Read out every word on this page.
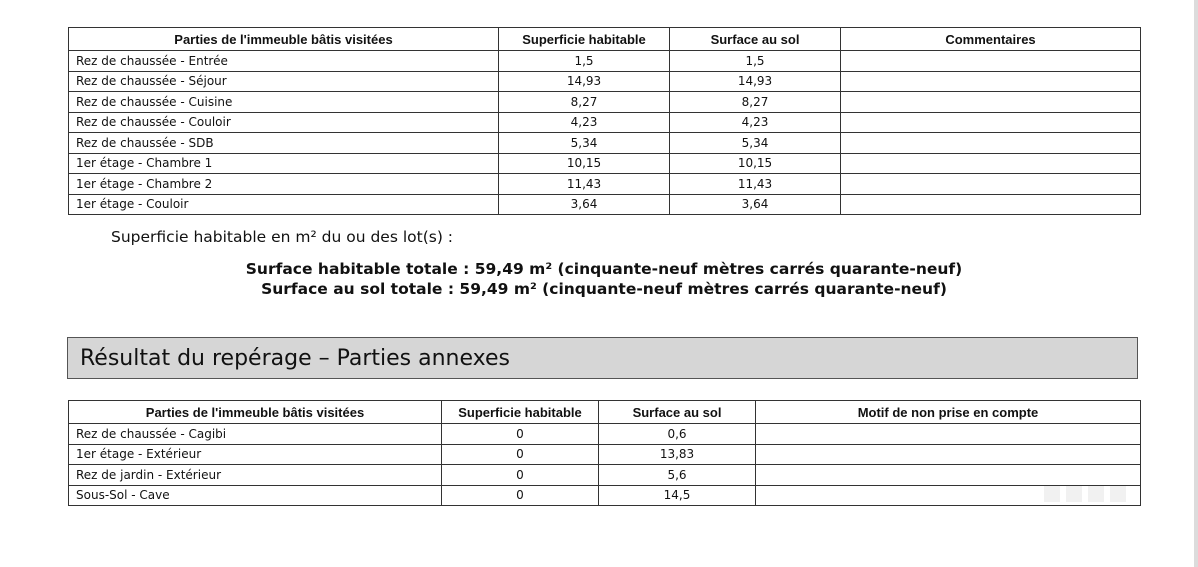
Parties de l'immeuble bâtis visitées	Superficie habitable	Surface au sol	Commentaires
Rez de chaussée - Entrée	1,5	1,5	
Rez de chaussée - Séjour	14,93	14,93	
Rez de chaussée - Cuisine	8,27	8,27	
Rez de chaussée - Couloir	4,23	4,23	
Rez de chaussée - SDB	5,34	5,34	
1er étage - Chambre 1	10,15	10,15	
1er étage - Chambre 2	11,43	11,43	
1er étage - Couloir	3,64	3,64	
Superficie habitable en m² du ou des lot(s) :
Surface habitable totale : 59,49 m² (cinquante-neuf mètres carrés quarante-neuf)
Surface au sol totale : 59,49 m² (cinquante-neuf mètres carrés quarante-neuf)
Résultat du repérage – Parties annexes
Parties de l'immeuble bâtis visitées	Superficie habitable	Surface au sol	Motif de non prise en compte
Rez de chaussée - Cagibi	0	0,6	
1er étage - Extérieur	0	13,83	
Rez de jardin - Extérieur	0	5,6	
Sous-Sol - Cave	0	14,5	
